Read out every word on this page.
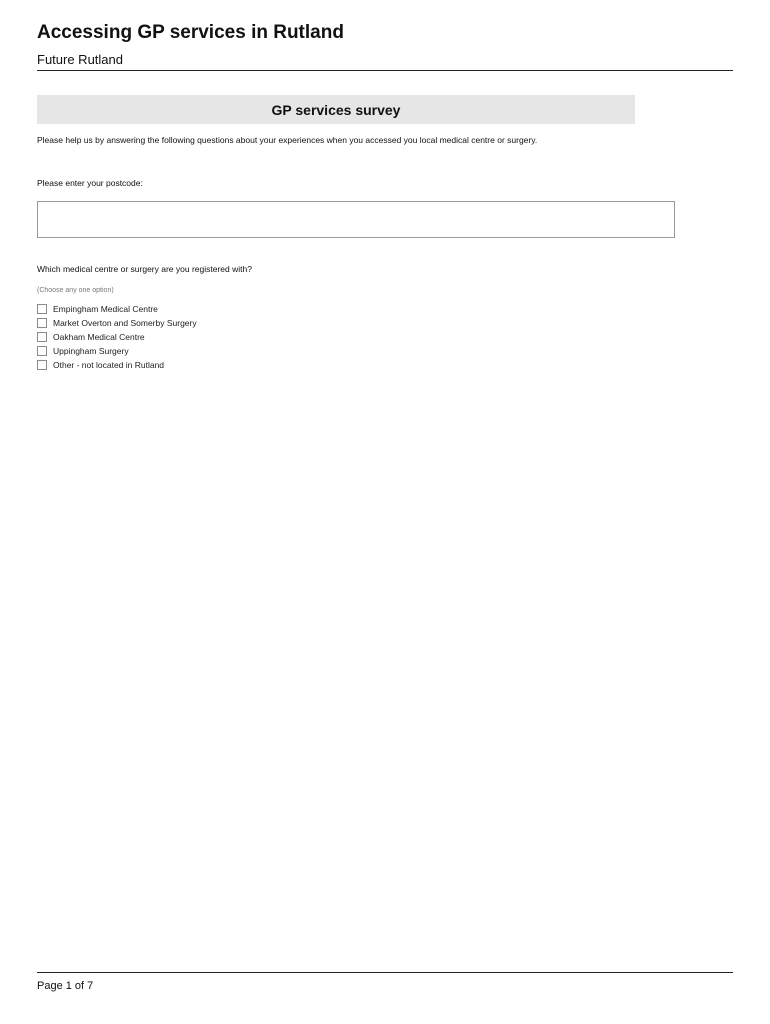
Accessing GP services in Rutland
Future Rutland
GP services survey
Please help us by answering the following questions about your experiences when you accessed you local medical centre or surgery.
Please enter your postcode:
Which medical centre or surgery are you registered with?
(Choose any one option)
Empingham Medical Centre
Market Overton and Somerby Surgery
Oakham Medical Centre
Uppingham Surgery
Other - not located in Rutland
Page 1 of 7
